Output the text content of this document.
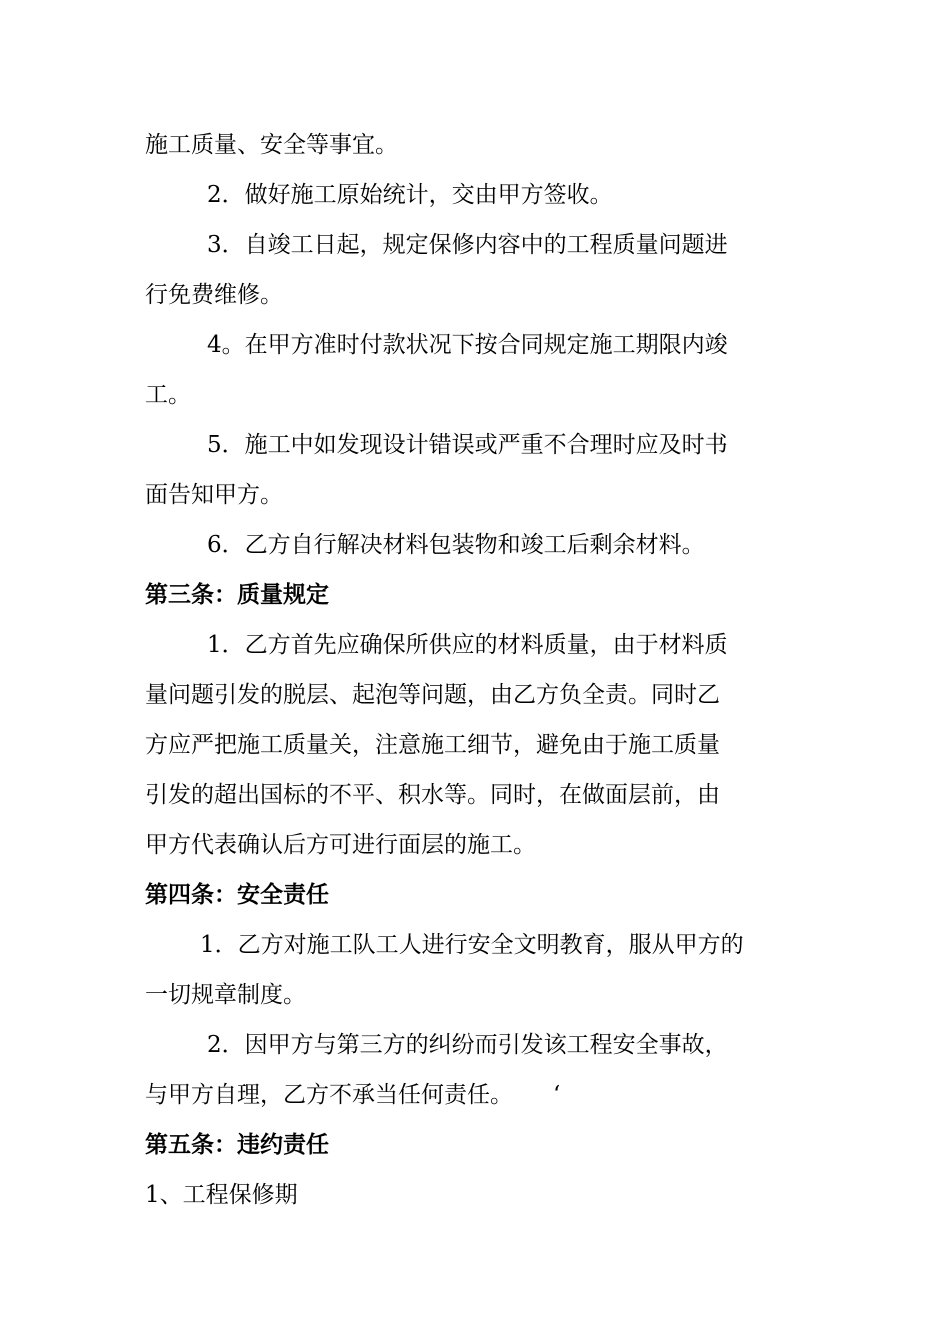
施工质量、安全等事宜。
2．做好施工原始统计，交由甲方签收。
3．自竣工日起，规定保修内容中的工程质量问题进
行免费维修。
4。在甲方准时付款状况下按合同规定施工期限内竣
工。
5．施工中如发现设计错误或严重不合理时应及时书
面告知甲方。
6．乙方自行解决材料包装物和竣工后剩余材料。
第三条：质量规定
1．乙方首先应确保所供应的材料质量，由于材料质
量问题引发的脱层、起泡等问题，由乙方负全责。同时乙
方应严把施工质量关，注意施工细节，避免由于施工质量
引发的超出国标的不平、积水等。同时，在做面层前，由
甲方代表确认后方可进行面层的施工。
第四条：安全责任
1．乙方对施工队工人进行安全文明教育，服从甲方的
一切规章制度。
2．因甲方与第三方的纠纷而引发该工程安全事故，
与甲方自理，乙方不承当任何责任。 ‘
第五条：违约责任
1、工程保修期
